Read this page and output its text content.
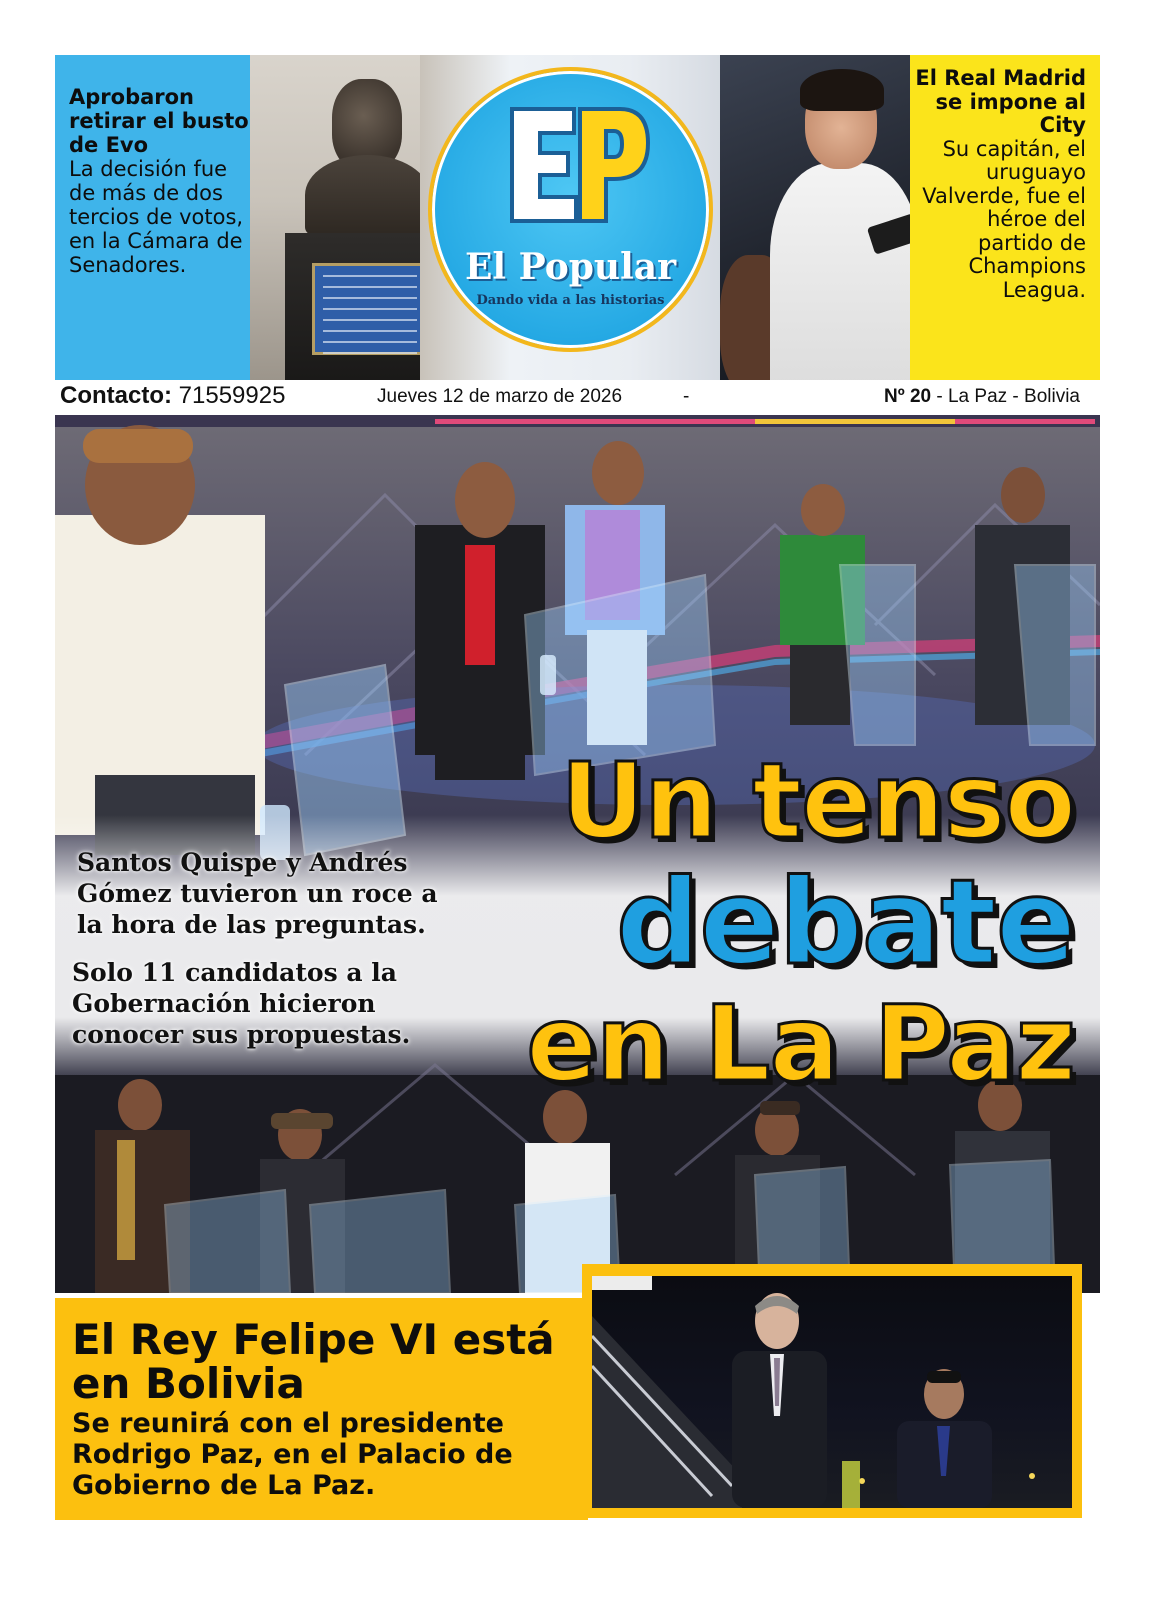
Aprobaron retirar el busto de Evo
La decisión fue de más de dos tercios de votos, en la Cámara de Senadores.	El Popular
Dando vida a las historias
El Real Madrid se impone al City
Su capitán, el uruguayo Valverde, fue el héroe del partido de Champions Leagua.
Contacto: 71559925	Jueves 12 de marzo de 2026	-	Nº 20 - La Paz - Bolivia
Santos Quispe y Andrés Gómez tuvieron un roce a la hora de las preguntas.
Solo 11 candidatos a la Gobernación hicieron conocer sus propuestas.
Un tenso
debate
en La Paz
El Rey Felipe VI está en Bolivia
Se reunirá con el presidente Rodrigo Paz, en el Palacio de Gobierno de La Paz.
